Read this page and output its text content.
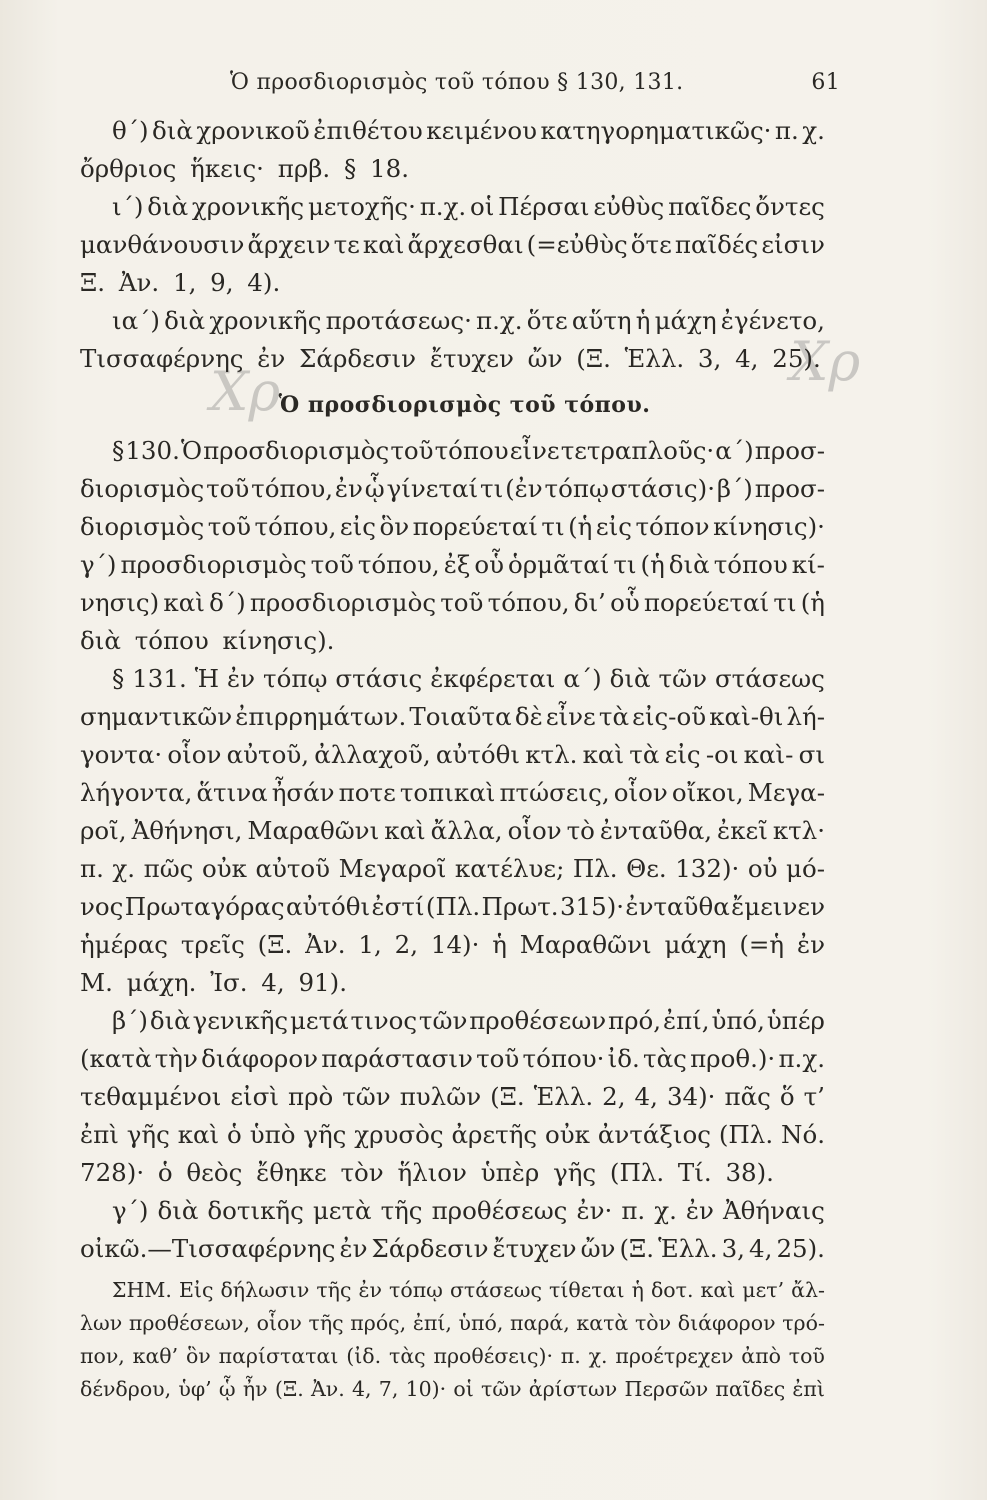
Χρ	Χρ
Ὁ προσδιορισμὸς τοῦ τόπου § 130, 131.	61
θ΄) διὰ χρονικοῦ ἐπιθέτου κειμένου κατηγορηματικῶς· π. χ.
ὄρθριος ἥκεις· πρβ. § 18.
ι΄) διὰ χρονικῆς μετοχῆς· π.χ. οἱ Πέρσαι εὐθὺς παῖδες ὄντες
μανθάνουσιν ἄρχειν τε καὶ ἄρχεσθαι (=εὐθὺς ὅτε παῖδές εἰσιν
Ξ. Ἀν. 1, 9, 4).
ια΄) διὰ χρονικῆς προτάσεως· π.χ. ὅτε αὕτη ἡ μάχη ἐγένετο,
Τισσαφέρνης ἐν Σάρδεσιν ἔτυχεν ὤν (Ξ. Ἑλλ. 3, 4, 25).
Ὁ προσδιορισμὸς τοῦ τόπου.
§ 130. Ὁ προσδιορισμὸς τοῦ τόπου εἶνε τετραπλοῦς· α΄) προσ-
διορισμὸς τοῦ τόπου, ἐν ᾧ γίνεταί τι (ἐν τόπῳ στάσις)· β΄) προσ-
διορισμὸς τοῦ τόπου, εἰς ὃν πορεύεταί τι (ἡ εἰς τόπον κίνησις)·
γ΄) προσδιορισμὸς τοῦ τόπου, ἐξ οὗ ὁρμᾶταί τι (ἡ διὰ τόπου κί-
νησις) καὶ δ΄) προσδιορισμὸς τοῦ τόπου, δι’ οὗ πορεύεταί τι (ἡ
διὰ τόπου κίνησις).
§ 131. Ἡ ἐν τόπῳ στάσις ἐκφέρεται α΄) διὰ τῶν στάσεως
σημαντικῶν ἐπιρρημάτων. Τοιαῦτα δὲ εἶνε τὰ εἰς-οῦ καὶ-θι λή-
γοντα· οἷον αὐτοῦ, ἀλλαχοῦ, αὐτόθι κτλ. καὶ τὰ εἰς -οι καὶ- σι
λήγοντα, ἅτινα ἦσάν ποτε τοπικαὶ πτώσεις, οἷον οἴκοι, Μεγα-
ροῖ, Ἀθήνησι, Μαραθῶνι καὶ ἄλλα, οἷον τὸ ἐνταῦθα, ἐκεῖ κτλ·
π. χ. πῶς οὐκ αὐτοῦ Μεγαροῖ κατέλυε; Πλ. Θε. 132)· οὐ μό-
νος Πρωταγόρας αὐτόθι ἐστί (Πλ. Πρωτ. 315)· ἐνταῦθα ἔμεινεν
ἡμέρας τρεῖς (Ξ. Ἀν. 1, 2, 14)· ἡ Μαραθῶνι μάχη (=ἡ ἐν
Μ. μάχη. Ἰσ. 4, 91).
β΄) διὰ γενικῆς μετά τινος τῶν προθέσεων πρό, ἐπί, ὑπό, ὑπέρ
(κατὰ τὴν διάφορον παράστασιν τοῦ τόπου· ἰδ. τὰς προθ.)· π.χ.
τεθαμμένοι εἰσὶ πρὸ τῶν πυλῶν (Ξ. Ἑλλ. 2, 4, 34)· πᾶς ὅ τ’
ἐπὶ γῆς καὶ ὁ ὑπὸ γῆς χρυσὸς ἀρετῆς οὐκ ἀντάξιος (Πλ. Νό.
728)· ὁ θεὸς ἔθηκε τὸν ἥλιον ὑπὲρ γῆς (Πλ. Τί. 38).
γ΄) διὰ δοτικῆς μετὰ τῆς προθέσεως ἐν· π. χ. ἐν Ἀθήναις
οἰκῶ.—Τισσαφέρνης ἐν Σάρδεσιν ἔτυχεν ὤν (Ξ. Ἑλλ. 3, 4, 25).
ΣΗΜ. Εἰς δήλωσιν τῆς ἐν τόπῳ στάσεως τίθεται ἡ δοτ. καὶ μετ’ ἄλ-
λων προθέσεων, οἷον τῆς πρός, ἐπί, ὑπό, παρά, κατὰ τὸν διάφορον τρό-
πον, καθ’ ὃν παρίσταται (ἰδ. τὰς προθέσεις)· π. χ. προέτρεχεν ἀπὸ τοῦ
δένδρου, ὑφ’ ᾧ ἦν (Ξ. Ἀν. 4, 7, 10)· οἱ τῶν ἀρίστων Περσῶν παῖδες ἐπὶ
